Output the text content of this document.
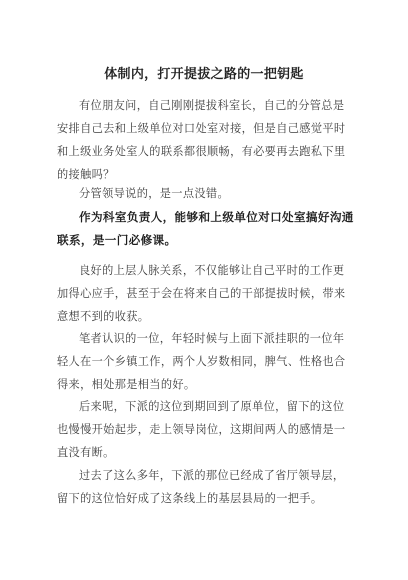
体制内，打开提拔之路的一把钥匙

有位朋友问，自己刚刚提拔科室长，自己的分管总是安排自己去和上级单位对口处室对接，但是自己感觉平时和上级业务处室人的联系都很顺畅，有必要再去跑私下里的接触吗？

分管领导说的，是一点没错。

作为科室负责人，能够和上级单位对口处室搞好沟通联系，是一门必修课。

良好的上层人脉关系，不仅能够让自己平时的工作更加得心应手，甚至于会在将来自己的干部提拔时候，带来意想不到的收获。

笔者认识的一位，年轻时候与上面下派挂职的一位年轻人在一个乡镇工作，两个人岁数相同，脾气、性格也合得来，相处那是相当的好。

后来呢，下派的这位到期回到了原单位，留下的这位也慢慢开始起步，走上领导岗位，这期间两人的感情是一直没有断。

过去了这么多年，下派的那位已经成了省厅领导层，留下的这位恰好成了这条线上的基层县局的一把手。
